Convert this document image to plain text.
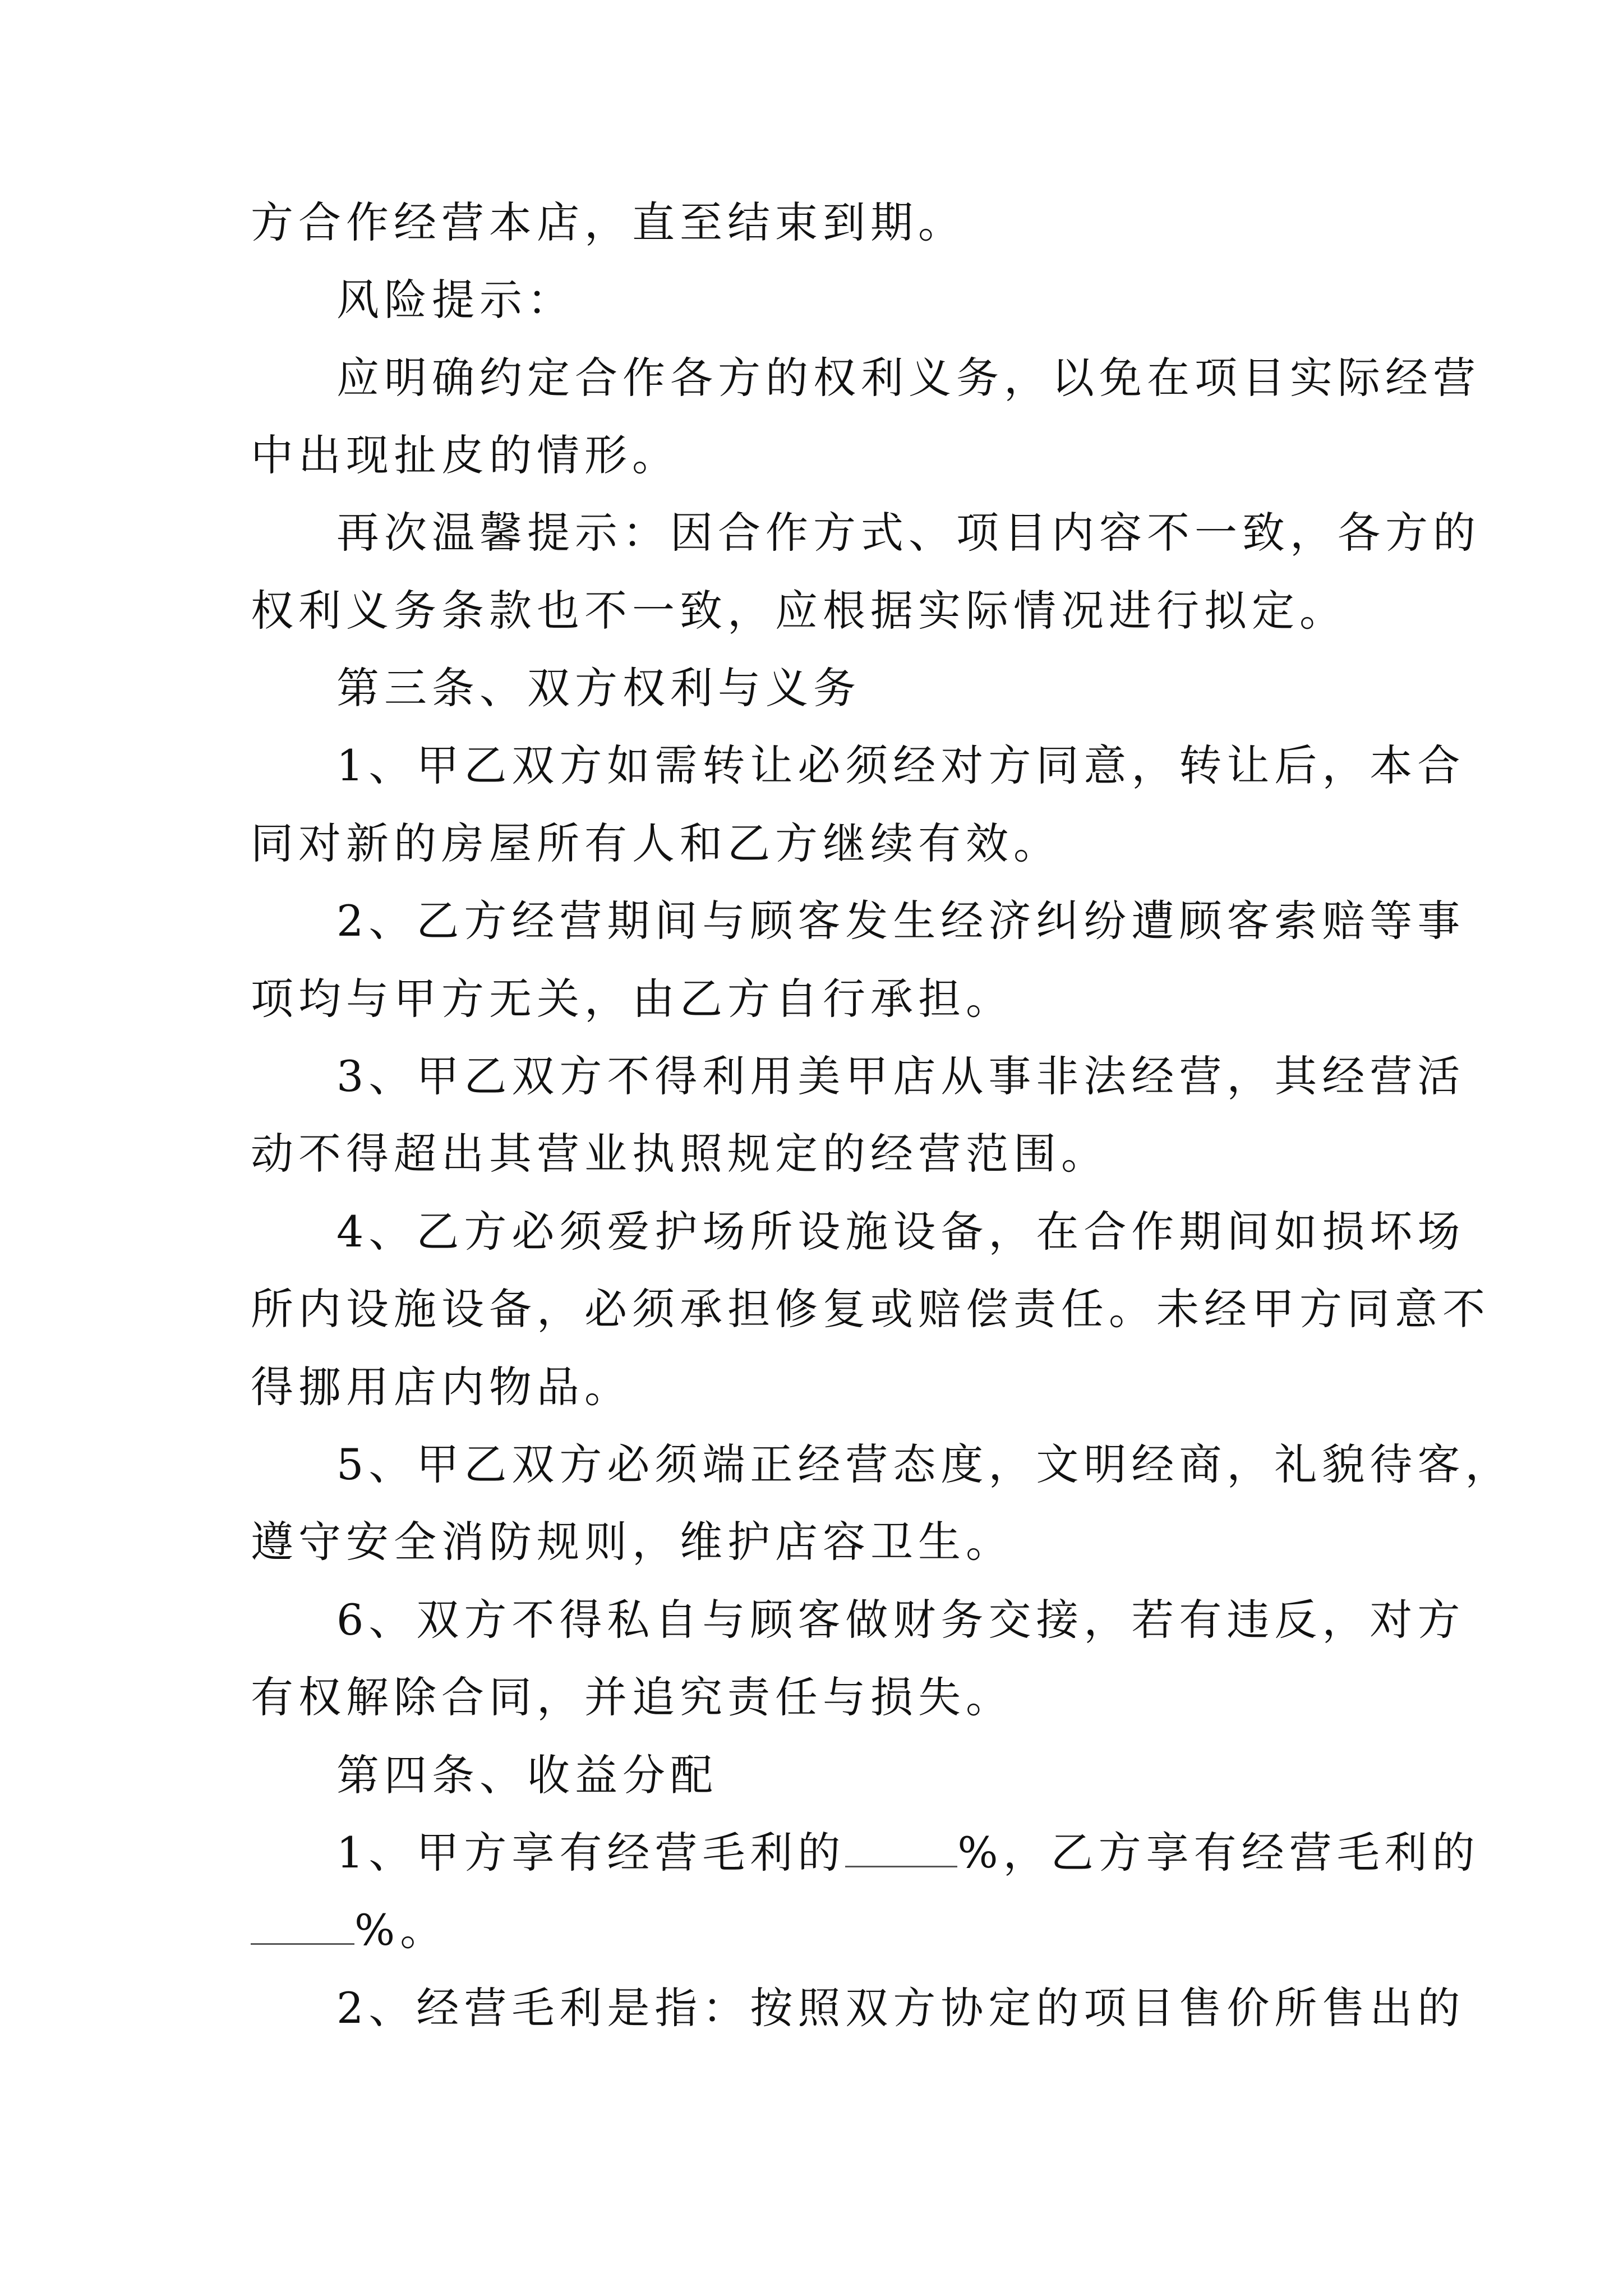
方合作经营本店，直至结束到期。
风险提示：
应明确约定合作各方的权利义务，以免在项目实际经营
中出现扯皮的情形。
再次温馨提示：因合作方式、项目内容不一致，各方的
权利义务条款也不一致，应根据实际情况进行拟定。
第三条、双方权利与义务
1、甲乙双方如需转让必须经对方同意，转让后，本合
同对新的房屋所有人和乙方继续有效。
2、乙方经营期间与顾客发生经济纠纷遭顾客索赔等事
项均与甲方无关，由乙方自行承担。
3、甲乙双方不得利用美甲店从事非法经营，其经营活
动不得超出其营业执照规定的经营范围。
4、乙方必须爱护场所设施设备，在合作期间如损坏场
所内设施设备，必须承担修复或赔偿责任。未经甲方同意不
得挪用店内物品。
5、甲乙双方必须端正经营态度，文明经商，礼貌待客，
遵守安全消防规则，维护店容卫生。
6、双方不得私自与顾客做财务交接，若有违反，对方
有权解除合同，并追究责任与损失。
第四条、收益分配
1、甲方享有经营毛利的	%，乙方享有经营毛利的
%。
2、经营毛利是指：按照双方协定的项目售价所售出的
